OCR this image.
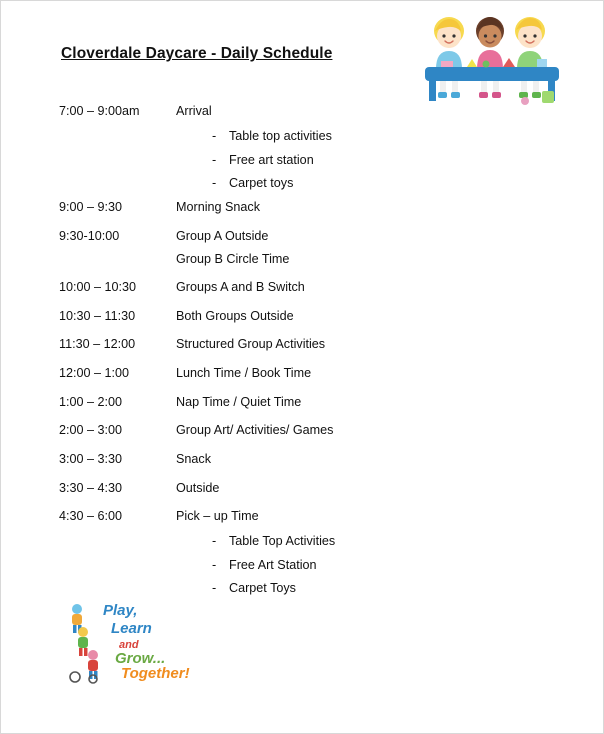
Cloverdale Daycare - Daily Schedule
7:00 – 9:00am	Arrival
-	Table top activities
-	Free art station
-	Carpet toys
9:00 – 9:30	Morning Snack
9:30-10:00	Group A Outside
Group B Circle Time
10:00 – 10:30	Groups A and B Switch
10:30 – 11:30	Both Groups Outside
11:30 – 12:00	Structured Group Activities
12:00 – 1:00	Lunch Time / Book Time
1:00 – 2:00	Nap Time / Quiet Time
2:00 – 3:00	Group Art/ Activities/ Games
3:00 – 3:30	Snack
3:30 – 4:30	Outside
4:30 – 6:00	Pick – up Time
-	Table Top Activities
-	Free Art Station
-	Carpet Toys
Play,
Learn
and
Grow...
Together!
